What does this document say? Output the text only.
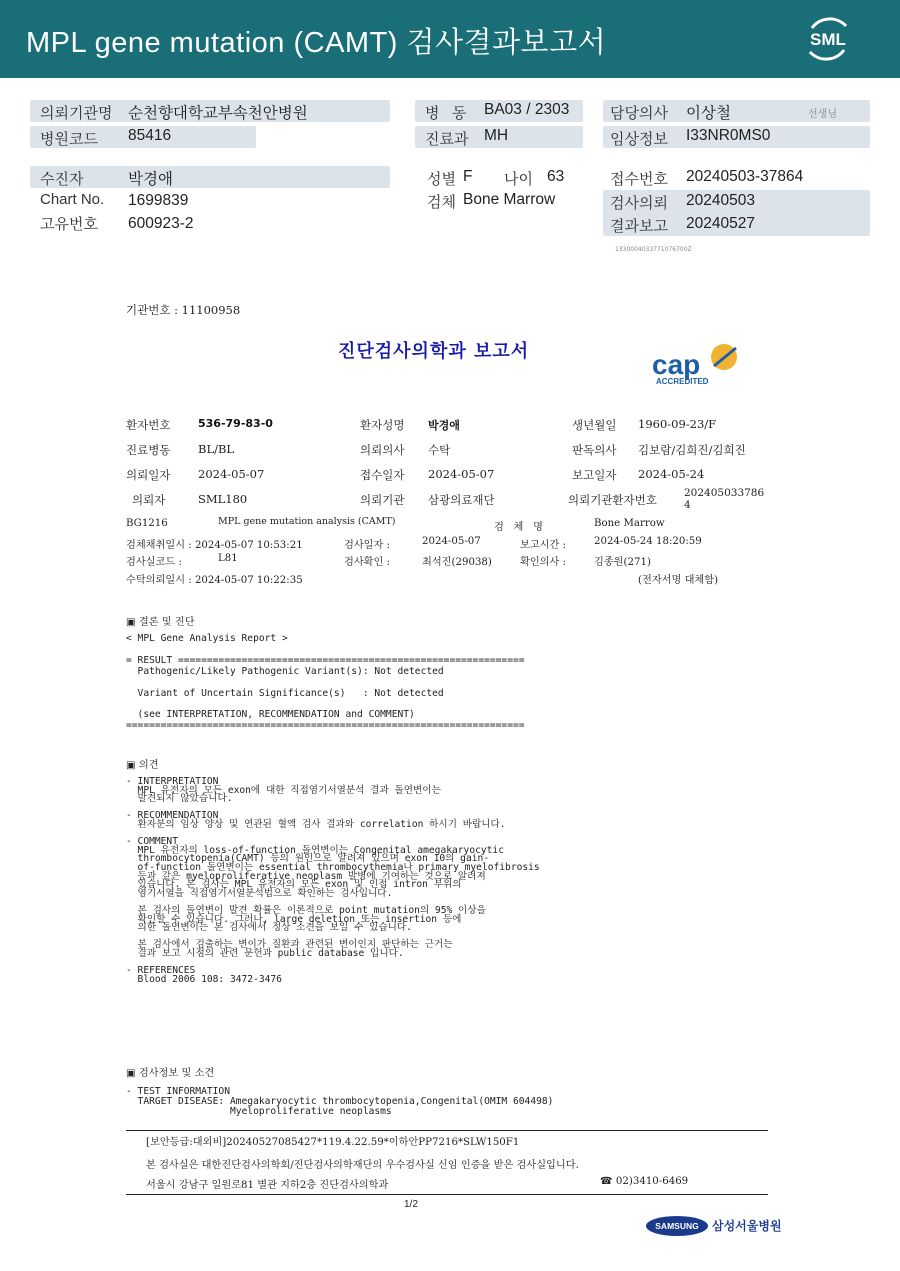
MPL gene mutation (CAMT) 검사결과보고서	SML
의뢰기관명 순천향대학교부속천안병원
병원코드 85416
병   동 BA03 / 2303
진료과 MH
담당의사 이상철	선생님
임상정보 I33NR0MS0
수진자	박경애
Chart No. 1699839
고유번호 600923-2
성별 F 나이 63
검체 Bone Marrow
접수번호 20240503-37864
검사의뢰 20240503
결과보고 20240527
1330004033771076700Z
기관번호 : 11100958
진단검사의학과 보고서	cap
ACCREDITED
환자번호	536-79-83-0	환자성명 박경애	생년월일 1960-09-23/F
진료병동 BL/BL	의뢰의사 수탁	판독의사 김보람/김희진/김희진
의뢰일자 2024-05-07	접수일자 2024-05-07	보고일자 2024-05-24
의뢰자	SML180	의뢰기관 삼광의료재단	의뢰기관환자번호	202405033786
4
BG1216	MPL gene mutation analysis (CAMT)
검   체   명	Bone Marrow
검체채취일시 : 2024-05-07 10:53:21	검사일자 :	2024-05-07	보고시간 :	2024-05-24 18:20:59
검사실코드 :	L81	검사확인 :	최석진(29038)	확인의사 :	김종원(271)
수탁의뢰일시 : 2024-05-07 10:22:35	(전자서명 대체함)
▣ 결론 및 진단
< MPL Gene Analysis Report >

= RESULT ============================================================
Pathogenic/Likely Pathogenic Variant(s): Not detected

Variant of Uncertain Significance(s)   : Not detected

(see INTERPRETATION, RECOMMENDATION and COMMENT)
=====================================================================
▣ 의견
- INTERPRETATION
MPL 유전자의 모든 exon에 대한 직접염기서열분석 결과 돌연변이는
발견되지 않았습니다.

- RECOMMENDATION
환자분의 임상 양상 및 연관된 혈액 검사 결과와 correlation 하시기 바랍니다.

- COMMENT
MPL 유전자의 loss-of-function 돌연변이는 Congenital amegakaryocytic
thrombocytopenia(CAMT) 등의 원인으로 알려져 있으며 exon 10의 gain-
of-function 돌연변이는 essential thrombocythemia나 primary myelofibrosis
등과 같은 myeloproliferative neoplasm 발병에 기여하는 것으로 알려져
있습니다. 본 검사는 MPL 유전자의 모든 exon 및 인접 intron 부위의
염기서열을 직접염기서열분석법으로 확인하는 검사입니다.

본 검사의 돌연변이 발견 확률은 이론적으로 point mutation의 95% 이상을
확인할 수 있습니다. 그러나, large deletion 또는 insertion 등에
의한 돌연변이는 본 검사에서 정상 소견을 보일 수 있습니다.

본 검사에서 검출하는 변이가 질환과 관련된 변이인지 판단하는 근거는
결과 보고 시점의 관련 문헌과 public database 입니다.

- REFERENCES
Blood 2006 108: 3472-3476
▣ 검사정보 및 소견
- TEST INFORMATION
TARGET DISEASE: Amegakaryocytic thrombocytopenia,Congenital(OMIM 604498)
Myeloproliferative neoplasms
[보안등급:대외비]20240527085427*119.4.22.59*이하안PP7216*SLW150F1
본 검사실은 대한진단검사의학회/진단검사의학재단의 우수검사실 신임 인증을 받은 검사실입니다.
서울시 강남구 일원로81 별관 지하2층 진단검사의학과	☎ 02)3410-6469
1/2
SAMSUNG	삼성서울병원
